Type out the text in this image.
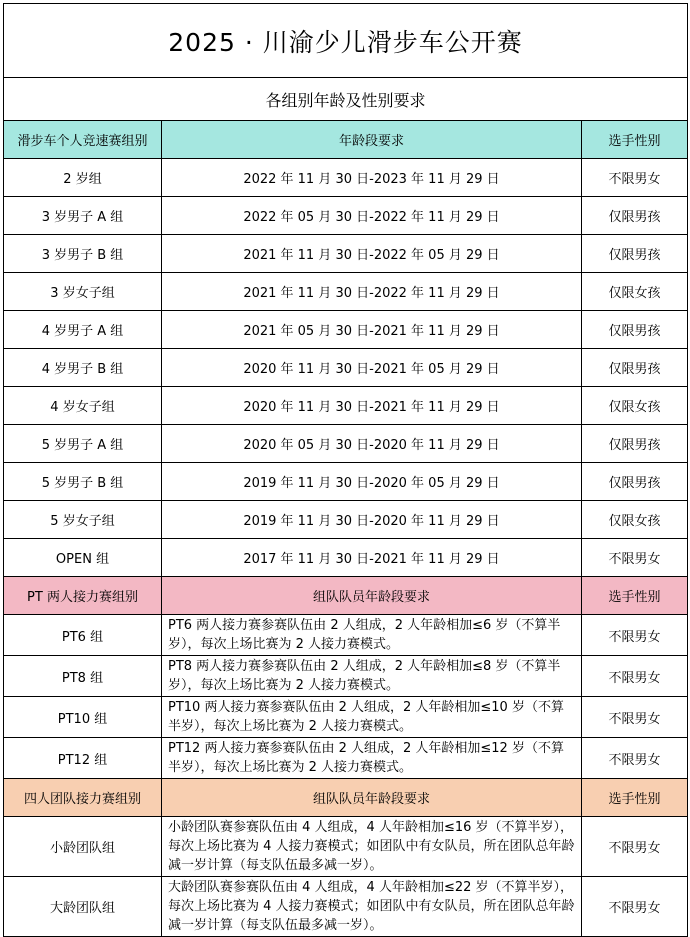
2025 · 川渝少儿滑步车公开赛		
各组别年龄及性别要求		
滑步车个人竞速赛组别	年龄段要求	选手性别
2 岁组	2022 年 11 月 30 日-2023 年 11 月 29 日	不限男女
3 岁男子 A 组	2022 年 05 月 30 日-2022 年 11 月 29 日	仅限男孩
3 岁男子 B 组	2021 年 11 月 30 日-2022 年 05 月 29 日	仅限男孩
3 岁女子组	2021 年 11 月 30 日-2022 年 11 月 29 日	仅限女孩
4 岁男子 A 组	2021 年 05 月 30 日-2021 年 11 月 29 日	仅限男孩
4 岁男子 B 组	2020 年 11 月 30 日-2021 年 05 月 29 日	仅限男孩
4 岁女子组	2020 年 11 月 30 日-2021 年 11 月 29 日	仅限女孩
5 岁男子 A 组	2020 年 05 月 30 日-2020 年 11 月 29 日	仅限男孩
5 岁男子 B 组	2019 年 11 月 30 日-2020 年 05 月 29 日	仅限男孩
5 岁女子组	2019 年 11 月 30 日-2020 年 11 月 29 日	仅限女孩
OPEN 组	2017 年 11 月 30 日-2021 年 11 月 29 日	不限男女
PT 两人接力赛组别	组队队员年龄段要求	选手性别
PT6 组	PT6 两人接力赛参赛队伍由 2 人组成，2 人年龄相加≤6 岁（不算半岁），每次上场比赛为 2 人接力赛模式。	不限男女
PT8 组	PT8 两人接力赛参赛队伍由 2 人组成，2 人年龄相加≤8 岁（不算半岁），每次上场比赛为 2 人接力赛模式。	不限男女
PT10 组	PT10 两人接力赛参赛队伍由 2 人组成，2 人年龄相加≤10 岁（不算半岁），每次上场比赛为 2 人接力赛模式。	不限男女
PT12 组	PT12 两人接力赛参赛队伍由 2 人组成，2 人年龄相加≤12 岁（不算半岁），每次上场比赛为 2 人接力赛模式。	不限男女
四人团队接力赛组别	组队队员年龄段要求	选手性别
小龄团队组	小龄团队赛参赛队伍由 4 人组成，4 人年龄相加≤16 岁（不算半岁），每次上场比赛为 4 人接力赛模式；如团队中有女队员，所在团队总年龄减一岁计算（每支队伍最多减一岁）。	不限男女
大龄团队组	大龄团队赛参赛队伍由 4 人组成，4 人年龄相加≤22 岁（不算半岁），每次上场比赛为 4 人接力赛模式；如团队中有女队员，所在团队总年龄减一岁计算（每支队伍最多减一岁）。	不限男女
